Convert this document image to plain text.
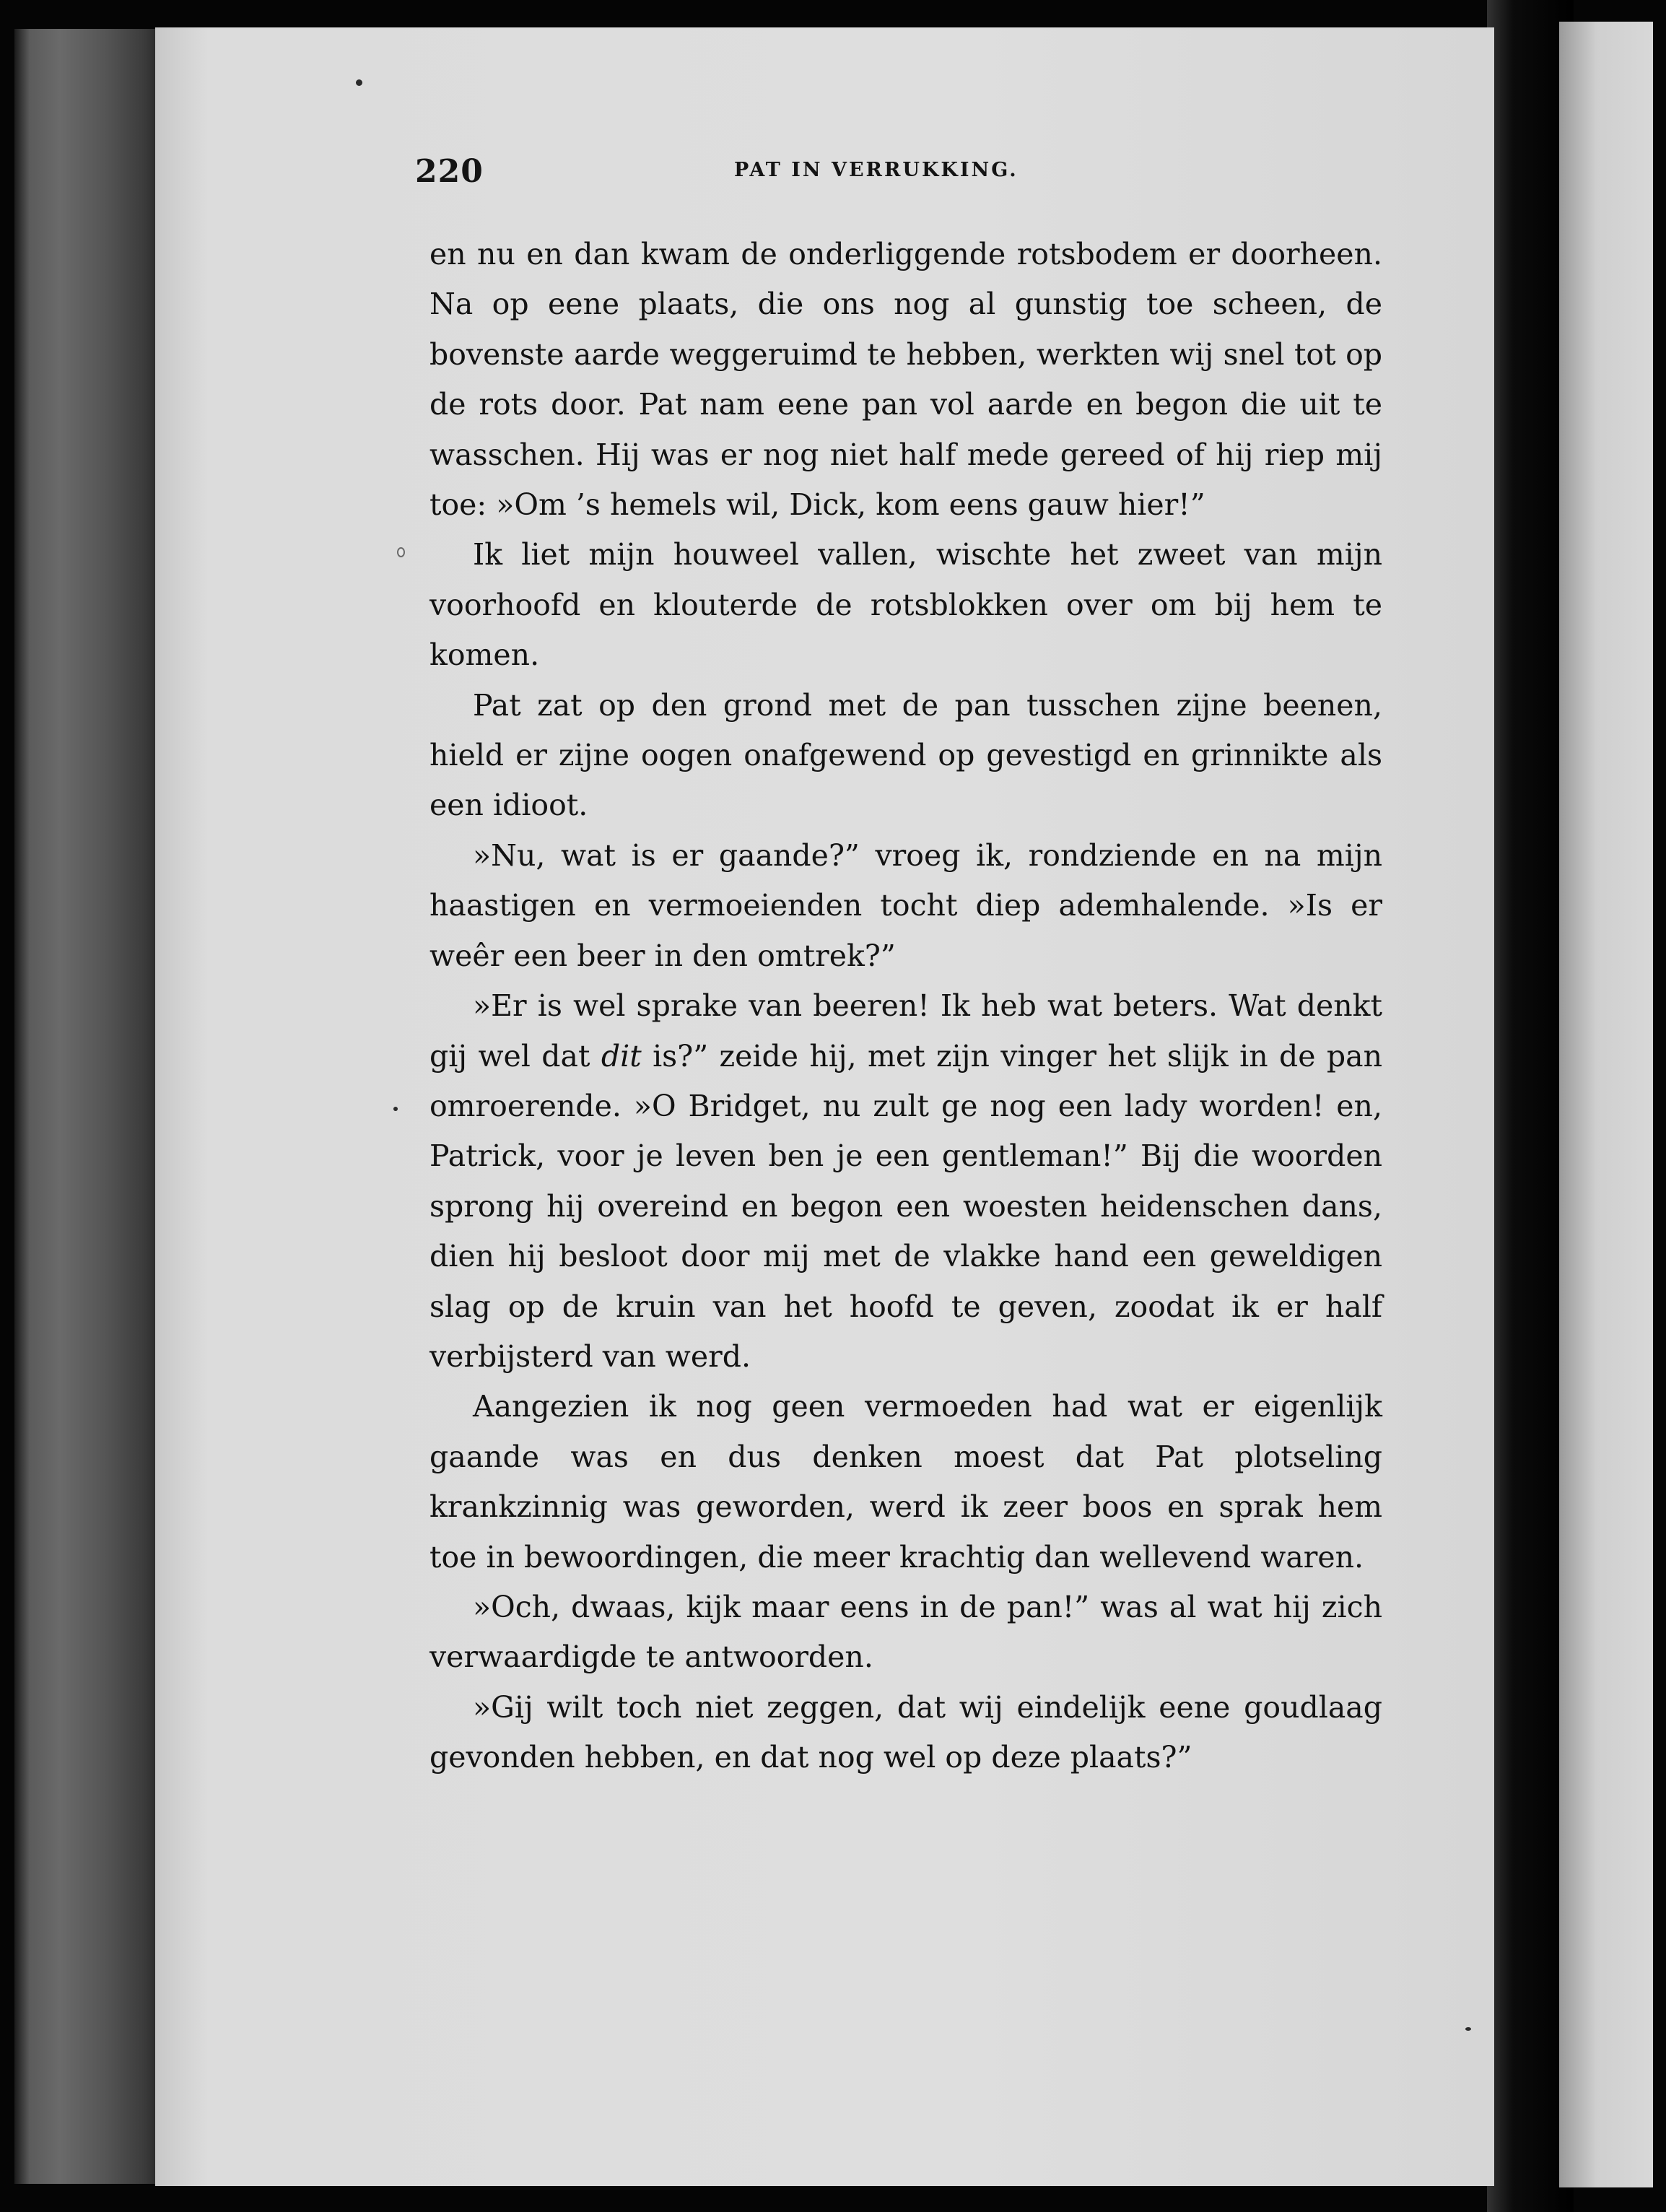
220	PAT IN VERRUKKING.

en nu en dan kwam de onderliggende rotsbodem er doorheen. Na op eene plaats, die ons nog al gunstig toe scheen, de bovenste aarde weggeruimd te hebben, werkten wij snel tot op de rots door. Pat nam eene pan vol aarde en begon die uit te wasschen. Hij was er nog niet half mede gereed of hij riep mij toe: »Om ’s hemels wil, Dick, kom eens gauw hier!”

Ik liet mijn houweel vallen, wischte het zweet van mijn voorhoofd en klouterde de rotsblokken over om bij hem te komen.

Pat zat op den grond met de pan tusschen zijne beenen, hield er zijne oogen onafgewend op gevestigd en grinnikte als een idioot.

»Nu, wat is er gaande?” vroeg ik, rondziende en na mijn haastigen en vermoeienden tocht diep ademhalende. »Is er weêr een beer in den omtrek?”

»Er is wel sprake van beeren! Ik heb wat beters. Wat denkt gij wel dat dit is?” zeide hij, met zijn vinger het slijk in de pan omroerende. »O Bridget, nu zult ge nog een lady worden! en, Patrick, voor je leven ben je een gentleman!” Bij die woorden sprong hij overeind en begon een woesten heidenschen dans, dien hij besloot door mij met de vlakke hand een geweldigen slag op de kruin van het hoofd te geven, zoodat ik er half verbijsterd van werd.

Aangezien ik nog geen vermoeden had wat er eigenlijk gaande was en dus denken moest dat Pat plotseling krankzinnig was geworden, werd ik zeer boos en sprak hem toe in bewoordingen, die meer krachtig dan wellevend waren.

»Och, dwaas, kijk maar eens in de pan!” was al wat hij zich verwaardigde te antwoorden.

»Gij wilt toch niet zeggen, dat wij eindelijk eene goudlaag gevonden hebben, en dat nog wel op deze plaats?”
